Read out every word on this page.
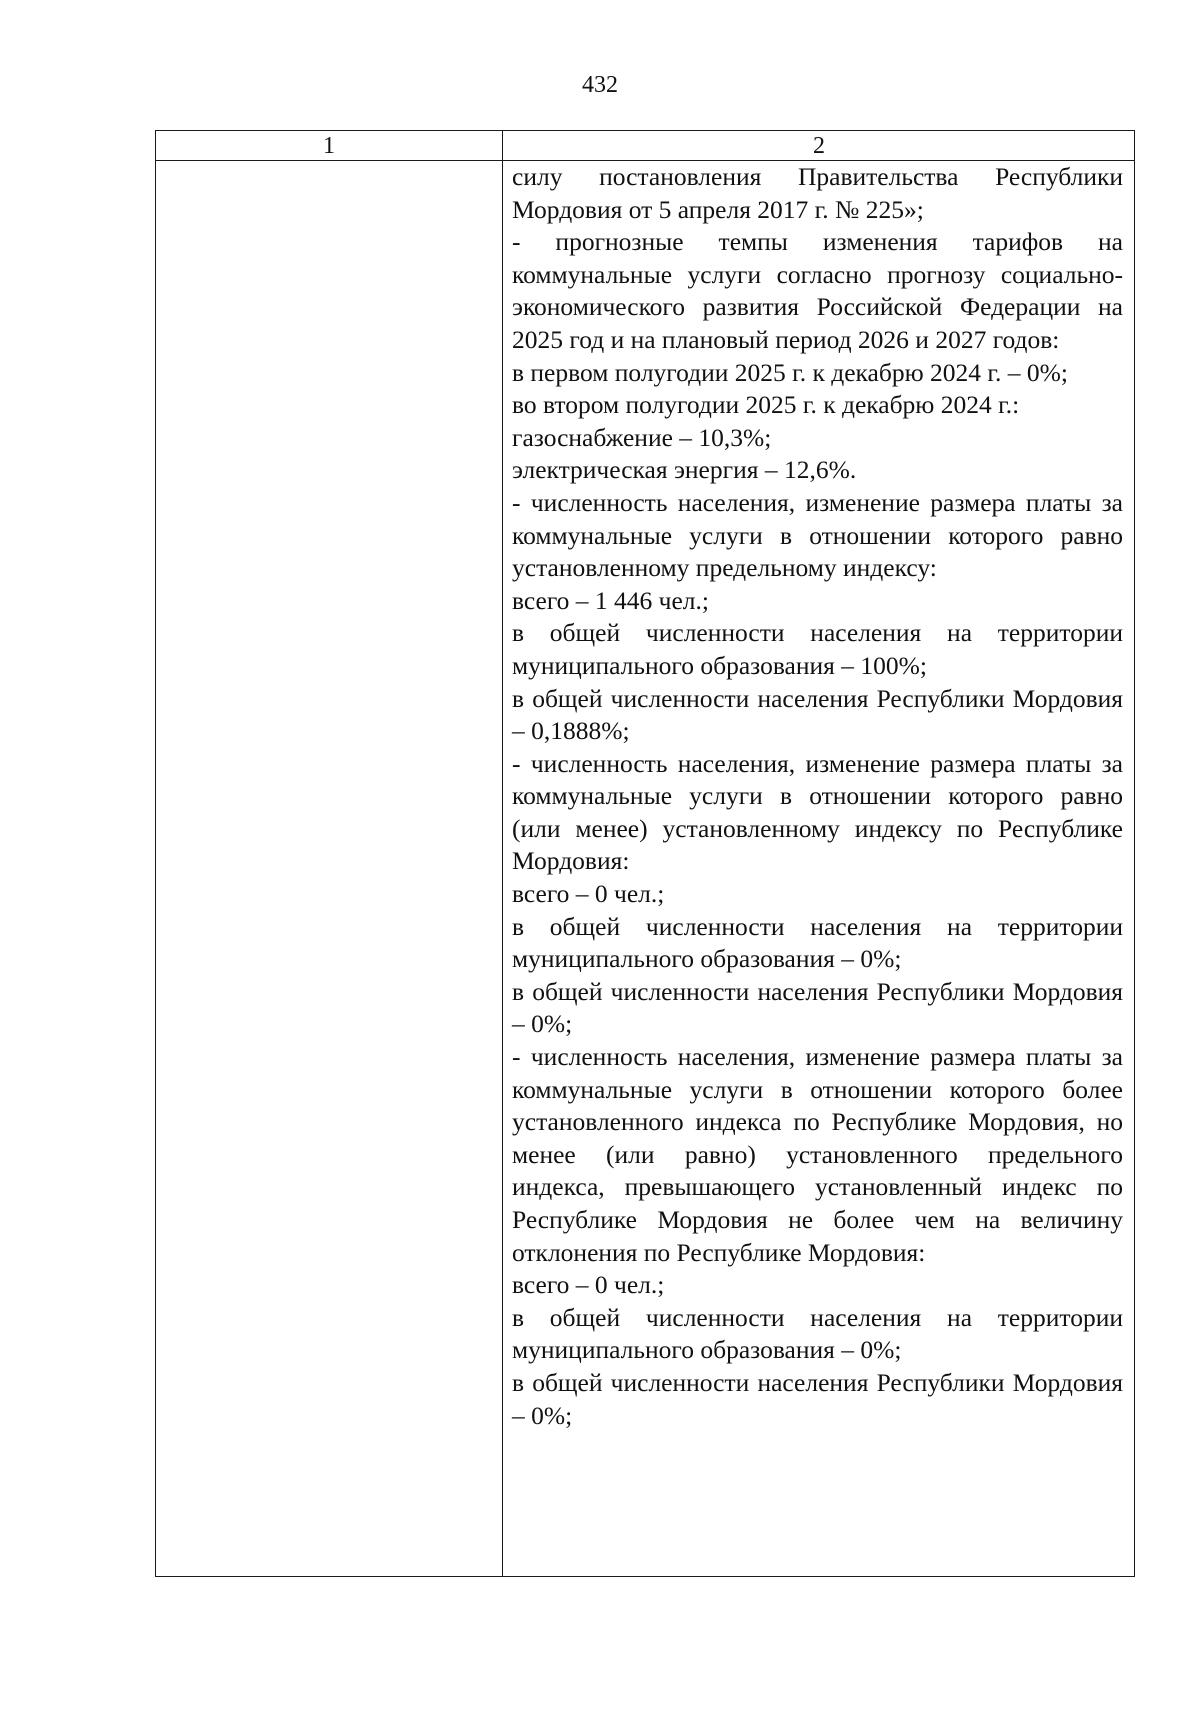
432
1	2

силу постановления Правительства Республики Мордовия от 5 апреля 2017 г. № 225»;

- прогнозные темпы изменения тарифов на коммунальные услуги согласно прогнозу социально-экономического развития Российской Федерации на 2025 год и на плановый период 2026 и 2027 годов:

в первом полугодии 2025 г. к декабрю 2024 г. – 0%;

во втором полугодии 2025 г. к декабрю 2024 г.:

газоснабжение – 10,3%;

электрическая энергия – 12,6%.

- численность населения, изменение размера платы за коммунальные услуги в отношении которого равно установленному предельному индексу:

всего – 1 446 чел.;

в общей численности населения на территории муниципального образования – 100%;

в общей численности населения Республики Мордовия – 0,1888%;

- численность населения, изменение размера платы за коммунальные услуги в отношении которого равно (или менее) установленному индексу по Республике Мордовия:

всего – 0 чел.;

в общей численности населения на территории муниципального образования – 0%;

в общей численности населения Республики Мордовия – 0%;

- численность населения, изменение размера платы за коммунальные услуги в отношении которого более установленного индекса по Республике Мордовия, но менее (или равно) установленного предельного индекса, превышающего установленный индекс по Республике Мордовия не более чем на величину отклонения по Республике Мордовия:

всего – 0 чел.;

в общей численности населения на территории муниципального образования – 0%;

в общей численности населения Республики Мордовия – 0%;
